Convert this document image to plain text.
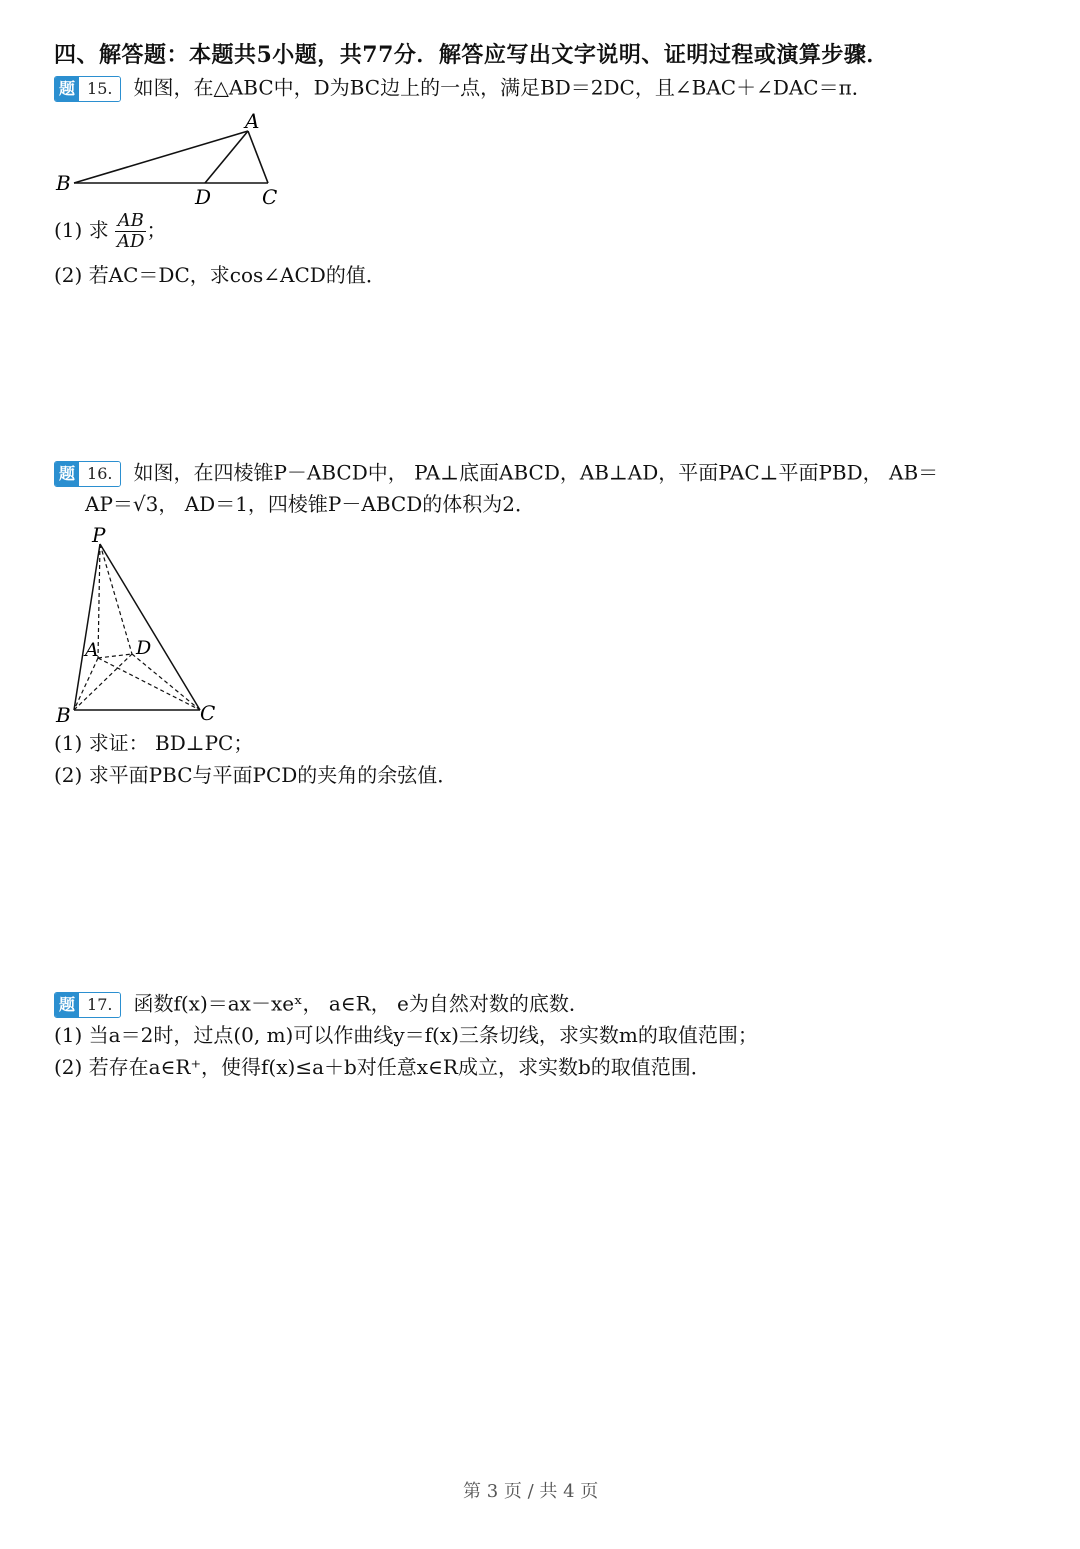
四、解答题：本题共5小题，共77分．解答应写出文字说明、证明过程或演算步骤．
题 15.	如图，在△ABC中，D为BC边上的一点，满足BD＝2DC，且∠BAC＋∠DAC＝π．
A
B
D	C
(1) 求 $\frac{AB}{AD}$ ；
(2) 若AC＝DC，求cos∠ACD的值．
题 16.	如图，在四棱锥P－ABCD中， PA⊥底面ABCD，AB⊥AD，平面PAC⊥平面PBD， AB＝
AP＝√3， AD＝1，四棱锥P－ABCD的体积为2．
P
A D
B	C
(1) 求证： BD⊥PC；
(2) 求平面PBC与平面PCD的夹角的余弦值．
题 17.	函数f(x)＝ax－xeˣ， a∈R， e为自然对数的底数．
(1) 当a＝2时，过点(0, m)可以作曲线y＝f(x)三条切线，求实数m的取值范围；
(2) 若存在a∈R⁺，使得f(x)≤a＋b对任意x∈R成立，求实数b的取值范围．
第 3 页 / 共 4 页
